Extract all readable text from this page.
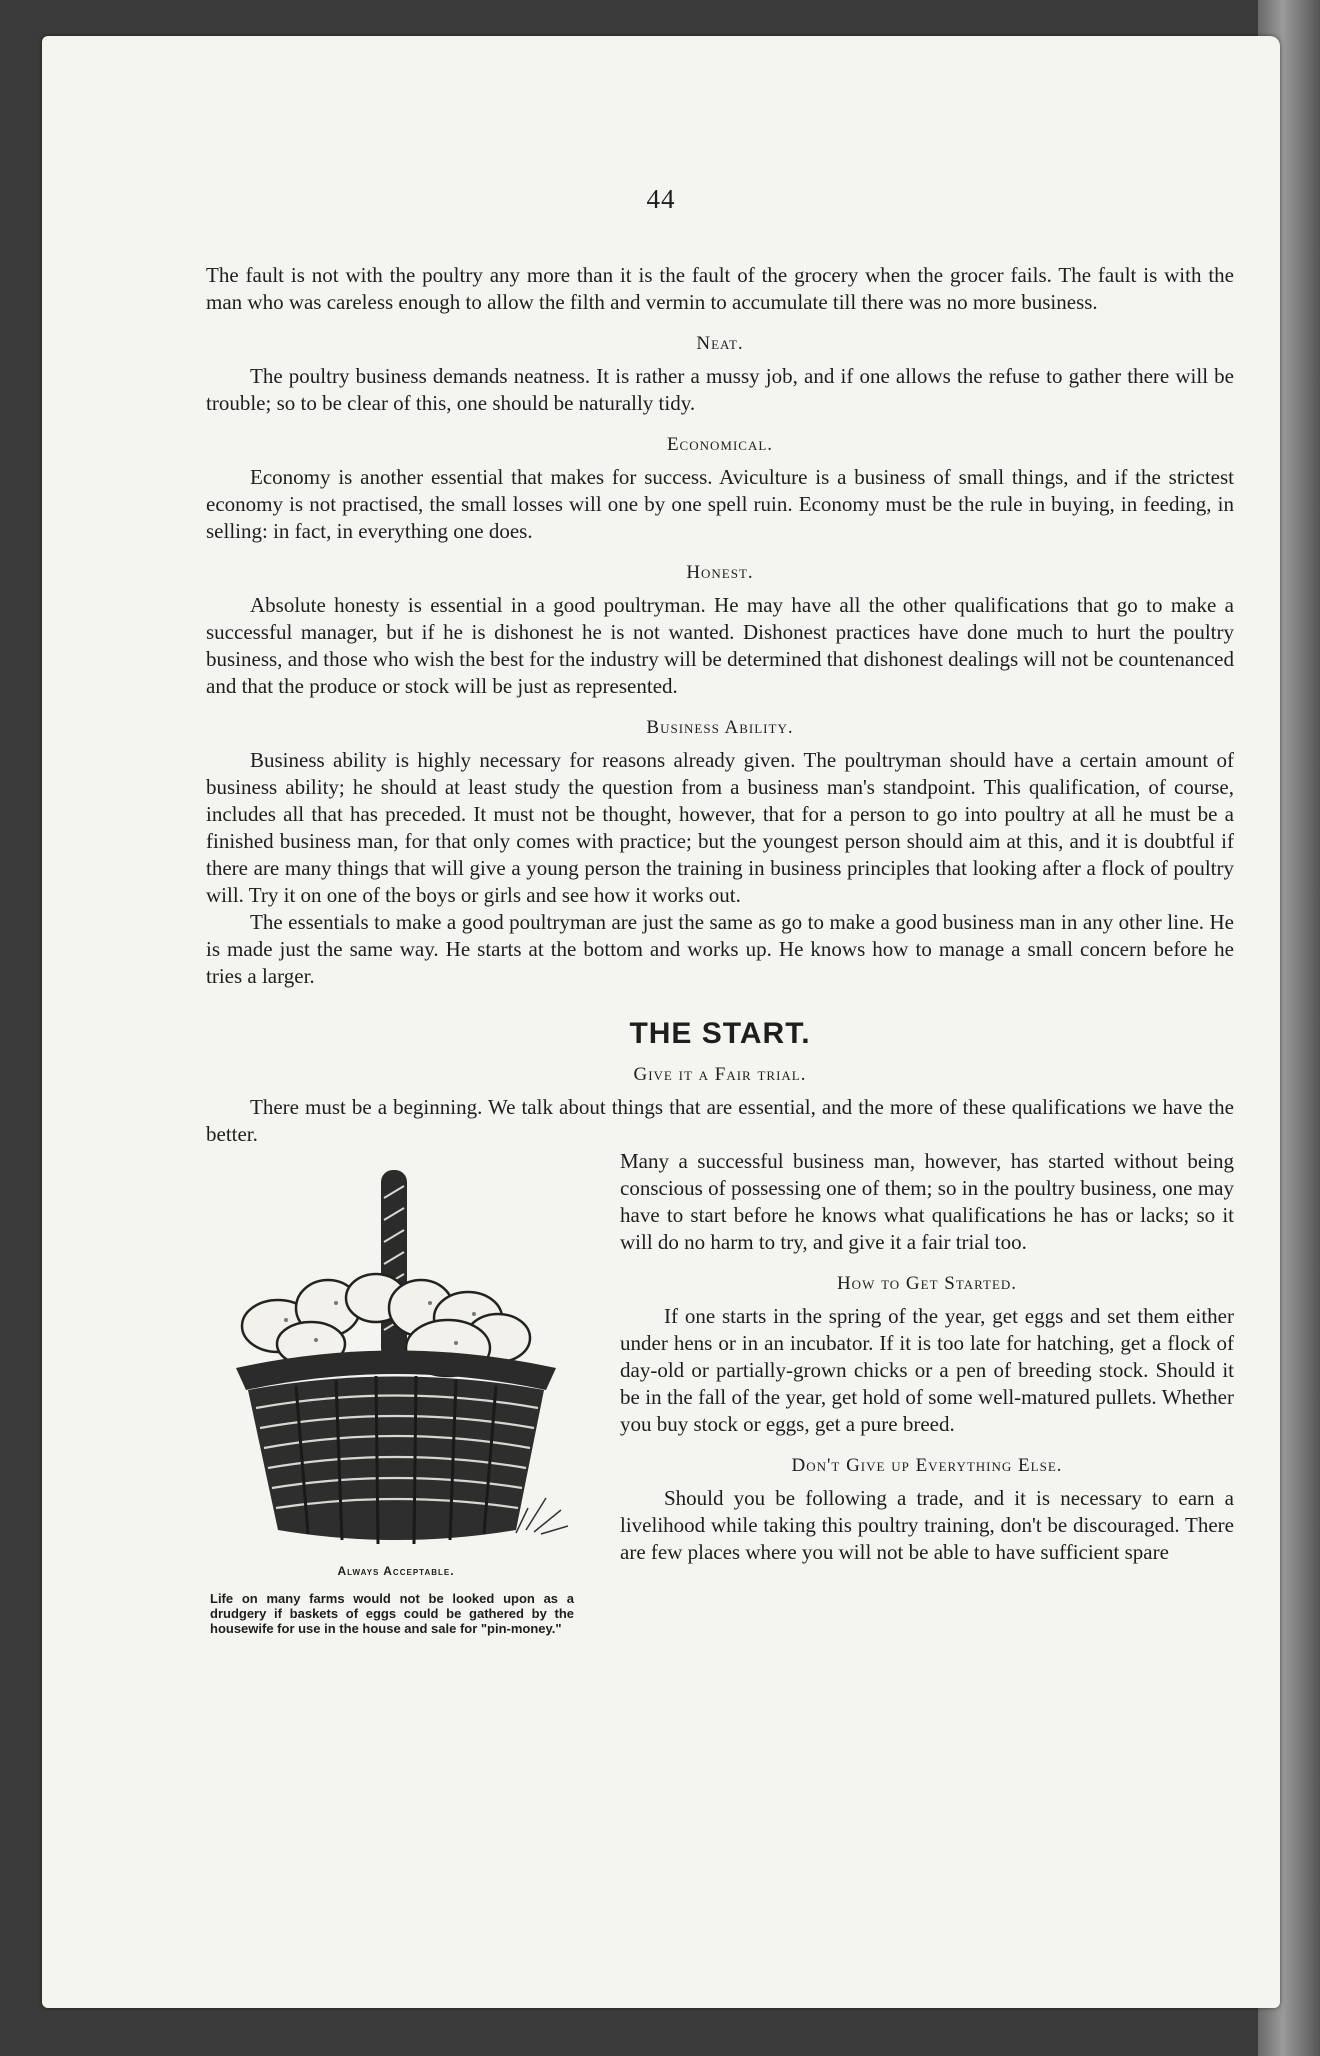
44

The fault is not with the poultry any more than it is the fault of the grocery when the grocer fails. The fault is with the man who was careless enough to allow the filth and vermin to accumulate till there was no more business.

Neat.

The poultry business demands neatness. It is rather a mussy job, and if one allows the refuse to gather there will be trouble; so to be clear of this, one should be naturally tidy.

Economical.

Economy is another essential that makes for success. Aviculture is a business of small things, and if the strictest economy is not practised, the small losses will one by one spell ruin. Economy must be the rule in buying, in feeding, in selling: in fact, in everything one does.

Honest.

Absolute honesty is essential in a good poultryman. He may have all the other qualifications that go to make a successful manager, but if he is dishonest he is not wanted. Dishonest practices have done much to hurt the poultry business, and those who wish the best for the industry will be determined that dishonest dealings will not be countenanced and that the produce or stock will be just as represented.

Business Ability.

Business ability is highly necessary for reasons already given. The poultryman should have a certain amount of business ability; he should at least study the question from a business man's standpoint. This qualification, of course, includes all that has preceded. It must not be thought, however, that for a person to go into poultry at all he must be a finished business man, for that only comes with practice; but the youngest person should aim at this, and it is doubtful if there are many things that will give a young person the training in business principles that looking after a flock of poultry will. Try it on one of the boys or girls and see how it works out.

The essentials to make a good poultryman are just the same as go to make a good business man in any other line. He is made just the same way. He starts at the bottom and works up. He knows how to manage a small concern before he tries a larger.

THE START.
Give it a Fair trial.

There must be a beginning. We talk about things that are essential, and the more of these qualifications we have the better.

Always Acceptable.
Life on many farms would not be looked upon as a drudgery if baskets of eggs could be gathered by the housewife for use in the house and sale for "pin-money."

Many a successful business man, however, has started without being conscious of possessing one of them; so in the poultry business, one may have to start before he knows what qualifications he has or lacks; so it will do no harm to try, and give it a fair trial too.

How to Get Started.

If one starts in the spring of the year, get eggs and set them either under hens or in an incubator. If it is too late for hatching, get a flock of day-old or partially-grown chicks or a pen of breeding stock. Should it be in the fall of the year, get hold of some well-matured pullets. Whether you buy stock or eggs, get a pure breed.

Don't Give up Everything Else.

Should you be following a trade, and it is necessary to earn a livelihood while taking this poultry training, don't be discouraged. There are few places where you will not be able to have sufficient spare
